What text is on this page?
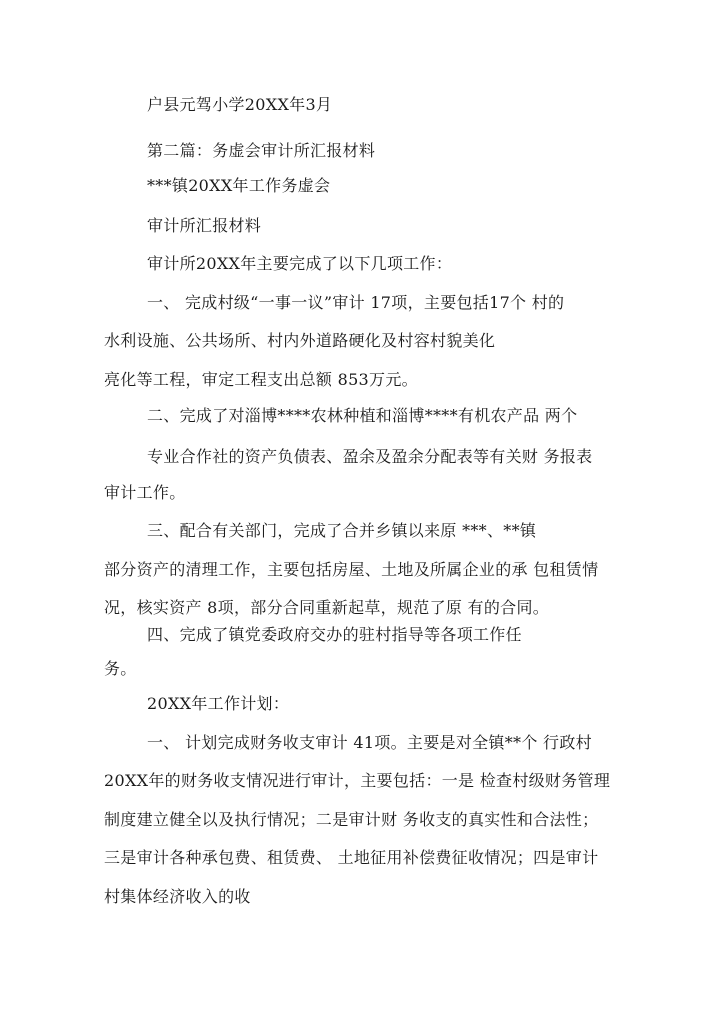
户县元驾小学20XX年3月
第二篇：务虚会审计所汇报材料
***镇20XX年工作务虚会
审计所汇报材料
审计所20XX年主要完成了以下几项工作：
一、 完成村级“一事一议”审计 17项，主要包括17个 村的
水利设施、公共场所、村内外道路硬化及村容村貌美化
亮化等工程，审定工程支出总额 853万元。
二、完成了对淄博****农林种植和淄博****有机农产品 两个
专业合作社的资产负债表、盈余及盈余分配表等有关财 务报表
审计工作。
三、配合有关部门，完成了合并乡镇以来原 ***、**镇
部分资产的清理工作，主要包括房屋、土地及所属企业的承 包租赁情
况，核实资产 8项，部分合同重新起草，规范了原 有的合同。
四、完成了镇党委政府交办的驻村指导等各项工作任
务。
20XX年工作计划：
一、 计划完成财务收支审计 41项。主要是对全镇**个 行政村
20XX年的财务收支情况进行审计，主要包括：一是 检查村级财务管理
制度建立健全以及执行情况；二是审计财 务收支的真实性和合法性；
三是审计各种承包费、租赁费、 土地征用补偿费征收情况；四是审计
村集体经济收入的收
